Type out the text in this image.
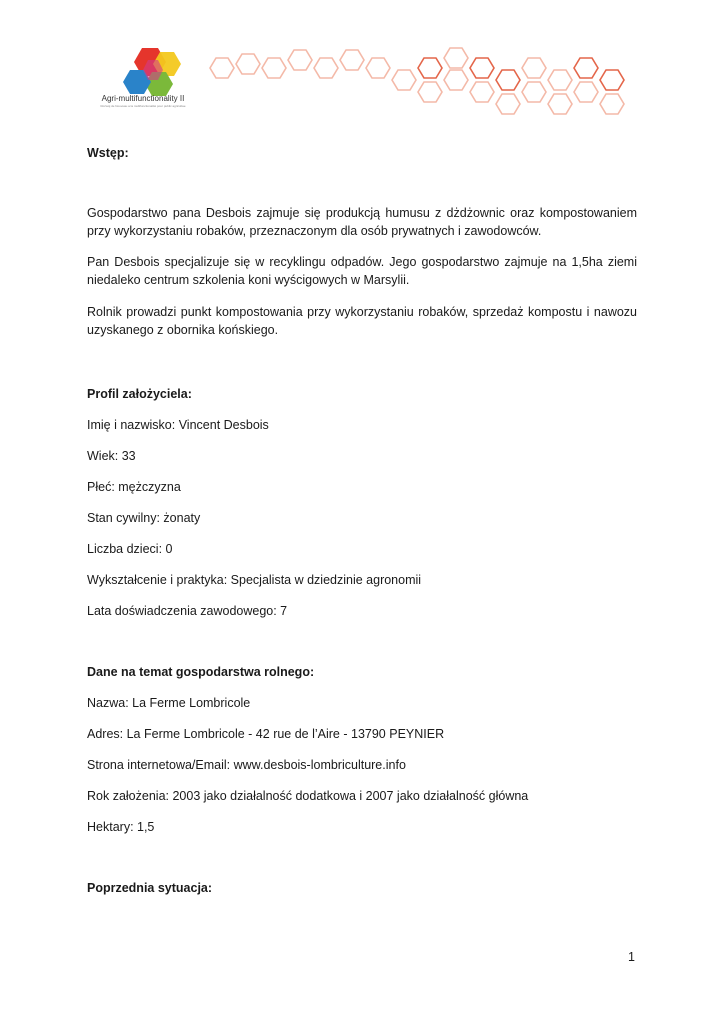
Agri-multifunctionality II
Rozwój de Nouveau a la multifunctionalité pour public agricultae
Wstęp:
Gospodarstwo pana Desbois zajmuje się produkcją humusu z dżdżownic oraz kompostowaniem przy wykorzystaniu robaków, przeznaczonym dla osób prywatnych i zawodowców.
Pan Desbois specjalizuje się w recyklingu odpadów. Jego gospodarstwo zajmuje na 1,5ha ziemi niedaleko centrum szkolenia koni wyścigowych w Marsylii.
Rolnik prowadzi punkt kompostowania przy wykorzystaniu robaków, sprzedaż kompostu i nawozu uzyskanego z obornika końskiego.
Profil założyciela:
Imię i nazwisko: Vincent Desbois
Wiek: 33
Płeć: mężczyzna
Stan cywilny: żonaty
Liczba dzieci: 0
Wykształcenie i praktyka: Specjalista w dziedzinie agronomii
Lata doświadczenia zawodowego: 7
Dane na temat gospodarstwa rolnego:
Nazwa: La Ferme Lombricole
Adres: La Ferme Lombricole - 42 rue de l’Aire - 13790 PEYNIER
Strona internetowa/Email: www.desbois-lombriculture.info
Rok założenia: 2003 jako działalność dodatkowa i 2007 jako działalność główna
Hektary: 1,5
Poprzednia sytuacja:
1
